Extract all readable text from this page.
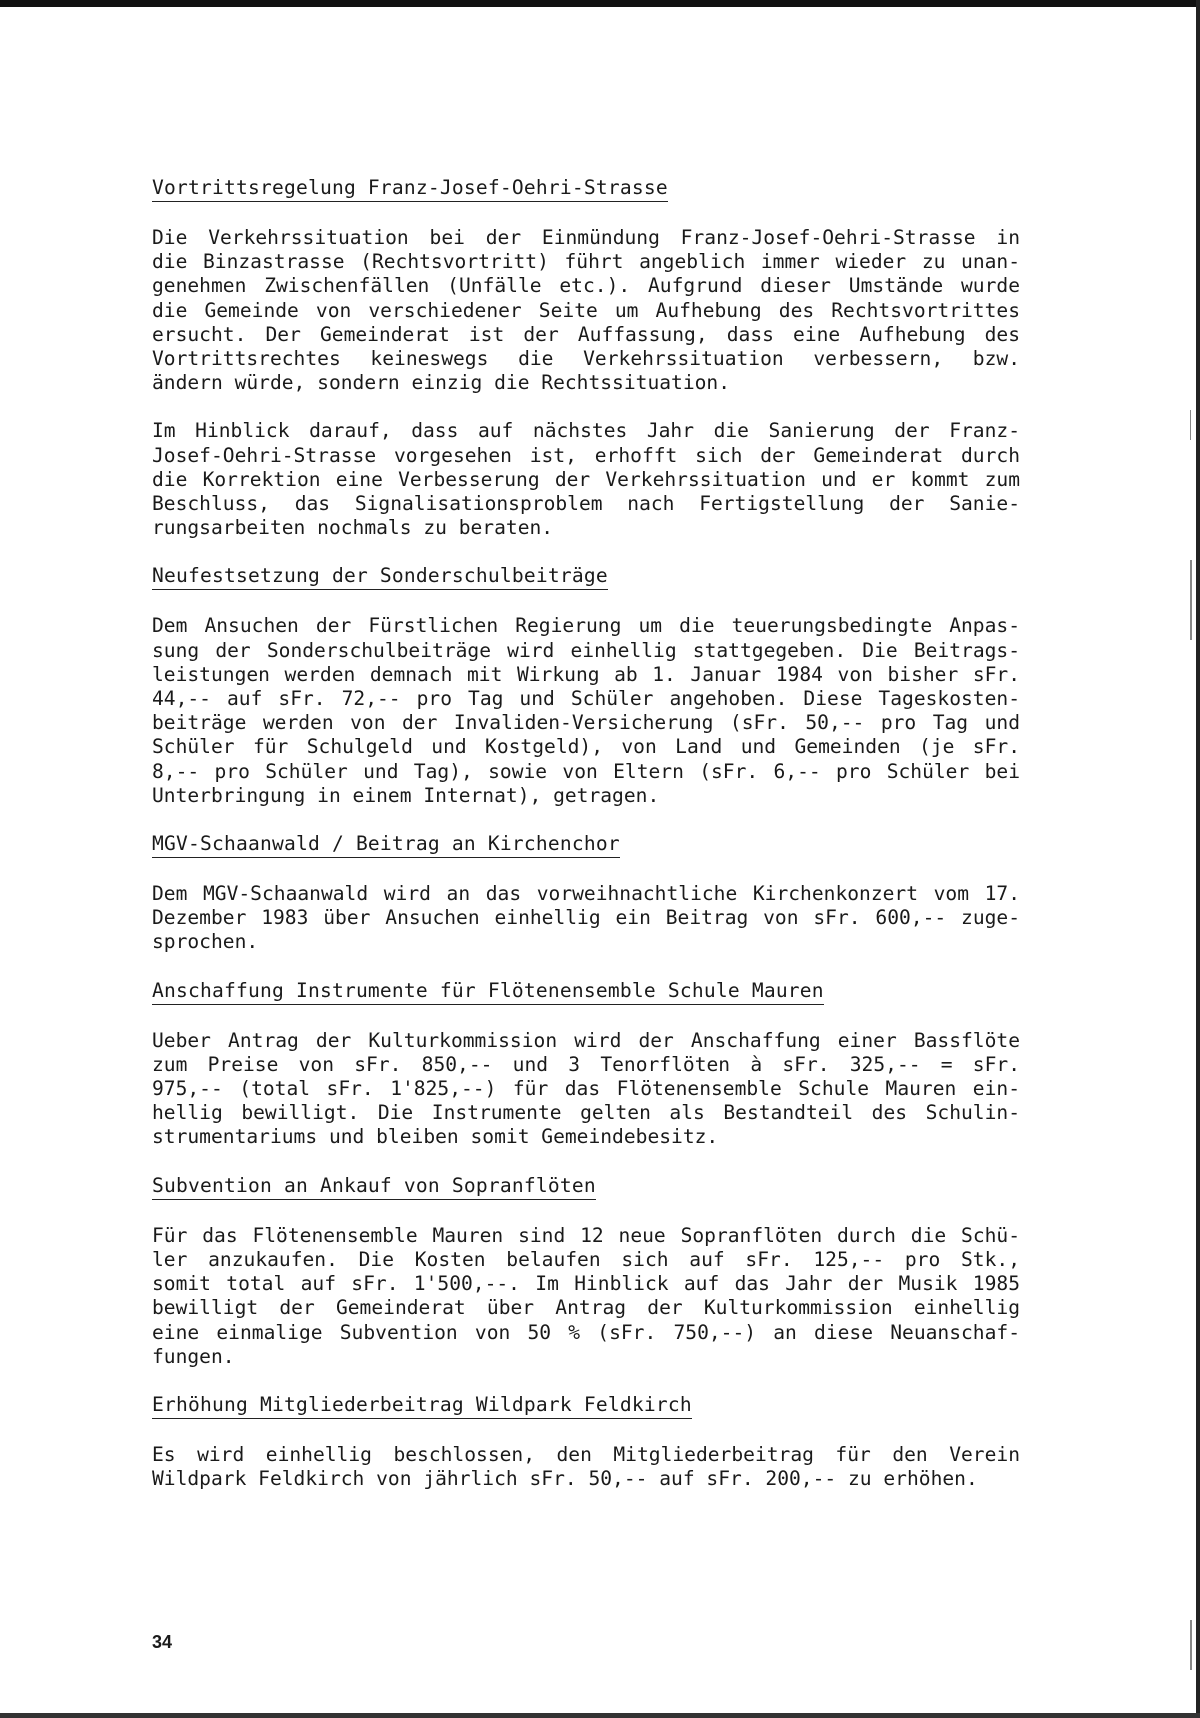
Vortrittsregelung Franz-Josef-Oehri-Strasse
Die Verkehrssituation bei der Einmündung Franz-Josef-Oehri-Strasse in
die Binzastrasse (Rechtsvortritt) führt angeblich immer wieder zu unan-
genehmen Zwischenfällen (Unfälle etc.). Aufgrund dieser Umstände wurde
die Gemeinde von verschiedener Seite um Aufhebung des Rechtsvortrittes
ersucht. Der Gemeinderat ist der Auffassung, dass eine Aufhebung des
Vortrittsrechtes keineswegs die Verkehrssituation verbessern, bzw.
ändern würde, sondern einzig die Rechtssituation.
Im Hinblick darauf, dass auf nächstes Jahr die Sanierung der Franz-
Josef-Oehri-Strasse vorgesehen ist, erhofft sich der Gemeinderat durch
die Korrektion eine Verbesserung der Verkehrssituation und er kommt zum
Beschluss, das Signalisationsproblem nach Fertigstellung der Sanie-
rungsarbeiten nochmals zu beraten.
Neufestsetzung der Sonderschulbeiträge
Dem Ansuchen der Fürstlichen Regierung um die teuerungsbedingte Anpas-
sung der Sonderschulbeiträge wird einhellig stattgegeben. Die Beitrags-
leistungen werden demnach mit Wirkung ab 1. Januar 1984 von bisher sFr.
44,-- auf sFr. 72,-- pro Tag und Schüler angehoben. Diese Tageskosten-
beiträge werden von der Invaliden-Versicherung (sFr. 50,-- pro Tag und
Schüler für Schulgeld und Kostgeld), von Land und Gemeinden (je sFr.
8,-- pro Schüler und Tag), sowie von Eltern (sFr. 6,-- pro Schüler bei
Unterbringung in einem Internat), getragen.
MGV-Schaanwald / Beitrag an Kirchenchor
Dem MGV-Schaanwald wird an das vorweihnachtliche Kirchenkonzert vom 17.
Dezember 1983 über Ansuchen einhellig ein Beitrag von sFr. 600,-- zuge-
sprochen.
Anschaffung Instrumente für Flötenensemble Schule Mauren
Ueber Antrag der Kulturkommission wird der Anschaffung einer Bassflöte
zum Preise von sFr. 850,-- und 3 Tenorflöten à sFr. 325,-- = sFr.
975,-- (total sFr. 1'825,--) für das Flötenensemble Schule Mauren ein-
hellig bewilligt. Die Instrumente gelten als Bestandteil des Schulin-
strumentariums und bleiben somit Gemeindebesitz.
Subvention an Ankauf von Sopranflöten
Für das Flötenensemble Mauren sind 12 neue Sopranflöten durch die Schü-
ler anzukaufen. Die Kosten belaufen sich auf sFr. 125,-- pro Stk.,
somit total auf sFr. 1'500,--. Im Hinblick auf das Jahr der Musik 1985
bewilligt der Gemeinderat über Antrag der Kulturkommission einhellig
eine einmalige Subvention von 50 % (sFr. 750,--) an diese Neuanschaf-
fungen.
Erhöhung Mitgliederbeitrag Wildpark Feldkirch
Es wird einhellig beschlossen, den Mitgliederbeitrag für den Verein
Wildpark Feldkirch von jährlich sFr. 50,-- auf sFr. 200,-- zu erhöhen.
34
